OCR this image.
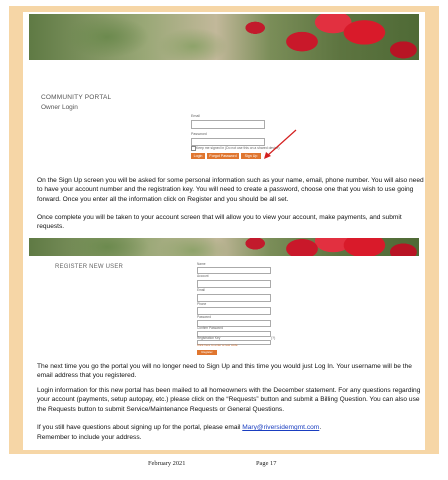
COMMUNITY PORTAL
Owner Login
Email
Password
Keep me signed in (Do not use this on a shared device)
Login	Forgot Password	Sign Up

On the Sign Up screen you will be asked for some personal information such as your name, email, phone number. You will also need to have your account number and the registration key. You will need to create a password, choose one that you wish to use going forward. Once you enter all the information click on Register and you should be all set.

Once complete you will be taken to your account screen that will allow you to view your account, make payments, and submit requests.

REGISTER NEW USER	Name
Account
Email
Phone
Password
Confirm Password
Registration Key	(?)
Click here to enter a new code
Register

The next time you go the portal you will no longer need to Sign Up and this time you would just Log In. Your username will be the email address that you registered.

Login information for this new portal has been mailed to all homeowners with the December statement. For any questions regarding your account (payments, setup autopay, etc.) please click on the “Requests” button and submit a Billing Question. You can also use the Requests button to submit Service/Maintenance Requests or General Questions.

If you still have questions about signing up for the portal, please email Mary@riversidemgmt.com.

Remember to include your address.

February 2021	Page 17
